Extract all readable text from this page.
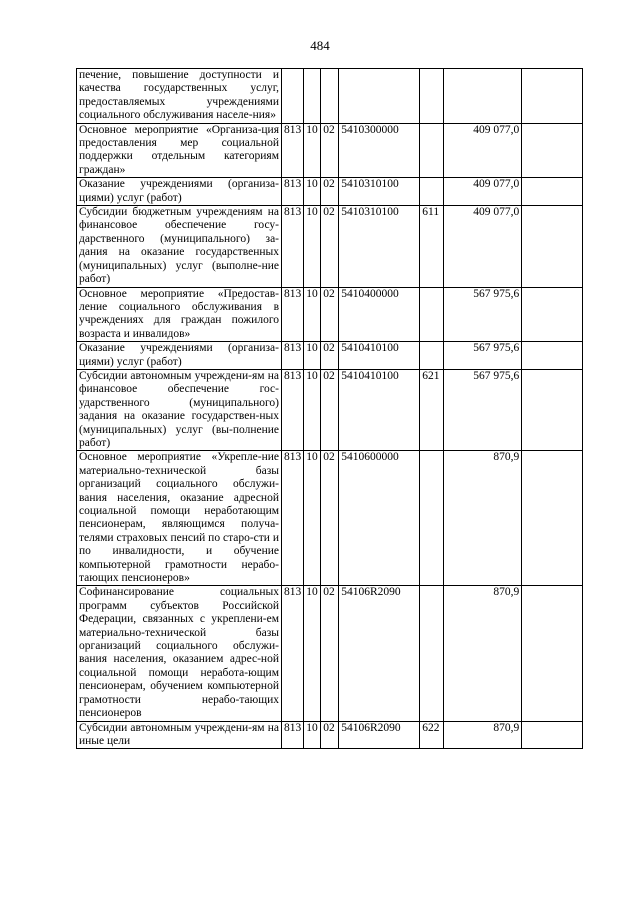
484
печение, повышение доступности и качества государственных услуг, предоставляемых учреждениями социального обслуживания населе-ния»							
Основное мероприятие «Организа-ция предоставления мер социальной поддержки отдельным категориям граждан»	813	10	02	5410300000		409 077,0	
Оказание учреждениями (организа-циями) услуг (работ)	813	10	02	5410310100		409 077,0	
Субсидии бюджетным учреждениям на финансовое обеспечение госу-дарственного (муниципального) за-дания на оказание государственных (муниципальных) услуг (выполне-ние работ)	813	10	02	5410310100	611	409 077,0	
Основное мероприятие «Предостав-ление социального обслуживания в учреждениях для граждан пожилого возраста и инвалидов»	813	10	02	5410400000		567 975,6	
Оказание учреждениями (организа-циями) услуг (работ)	813	10	02	5410410100		567 975,6	
Субсидии автономным учреждени-ям на финансовое обеспечение гос-ударственного (муниципального) задания на оказание государствен-ных (муниципальных) услуг (вы-полнение работ)	813	10	02	5410410100	621	567 975,6	
Основное мероприятие «Укрепле-ние материально-технической базы организаций социального обслужи-вания населения, оказание адресной социальной помощи неработающим пенсионерам, являющимся получа-телями страховых пенсий по старо-сти и по инвалидности, и обучение компьютерной грамотности нерабо-тающих пенсионеров»	813	10	02	5410600000		870,9	
Софинансирование социальных программ субъектов Российской Федерации, связанных с укреплени-ем материально-технической базы организаций социального обслужи-вания населения, оказанием адрес-ной социальной помощи неработа-ющим пенсионерам, обучением компьютерной грамотности нерабо-тающих пенсионеров	813	10	02	54106R2090		870,9	
Субсидии автономным учреждени-ям на иные цели	813	10	02	54106R2090	622	870,9	
